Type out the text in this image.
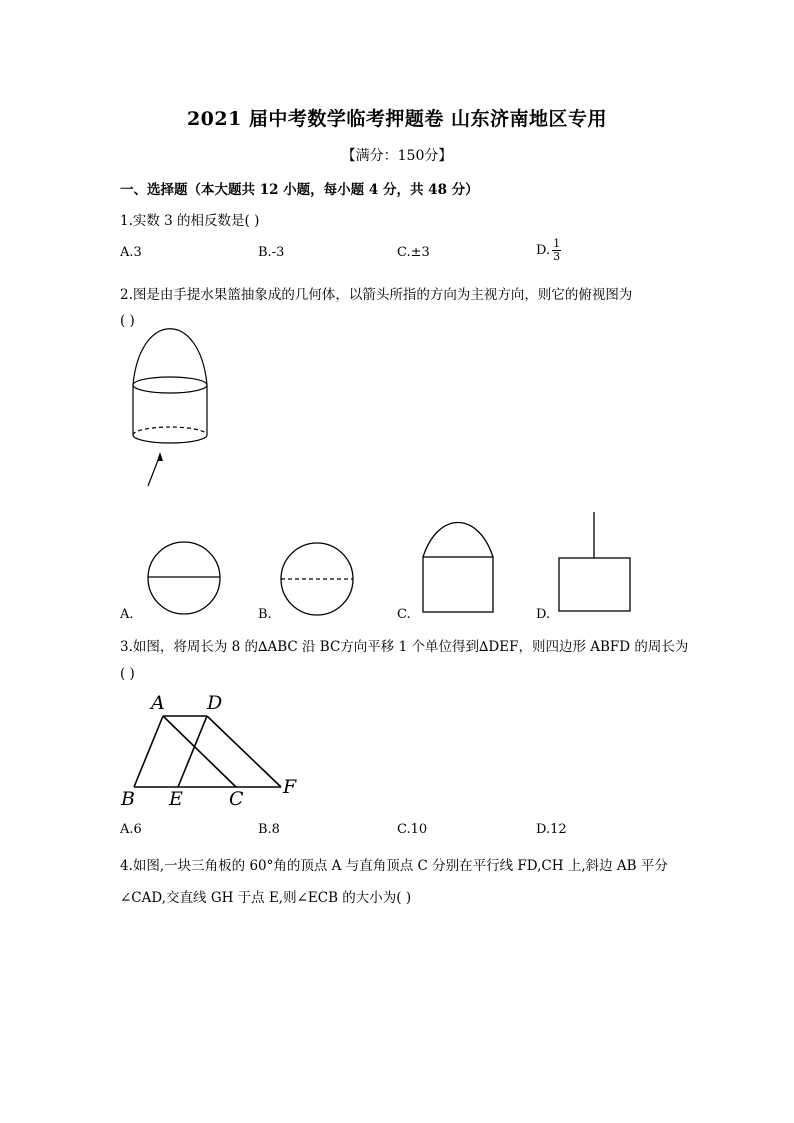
2021 届中考数学临考押题卷 山东济南地区专用
【满分：150分】
一、选择题（本大题共 12 小题，每小题 4 分，共 48 分）
1.实数 3 的相反数是( )
A.3	B.-3	C.±3	D. $\frac{1}{3}$
2.图是由手提水果篮抽象成的几何体，以箭头所指的方向为主视方向，则它的俯视图为
( )
A.	B.	C.	D.
3.如图，将周长为 8 的∆ABC 沿 BC方向平移 1 个单位得到∆DEF，则四边形 ABFD 的周长为
( )
A D
B E C
F
A.6	B.8	C.10	D.12
4.如图,一块三角板的 60°角的顶点 A 与直角顶点 C 分别在平行线 FD,CH 上,斜边 AB 平分
∠CAD,交直线 GH 于点 E,则∠ECB 的大小为( )
